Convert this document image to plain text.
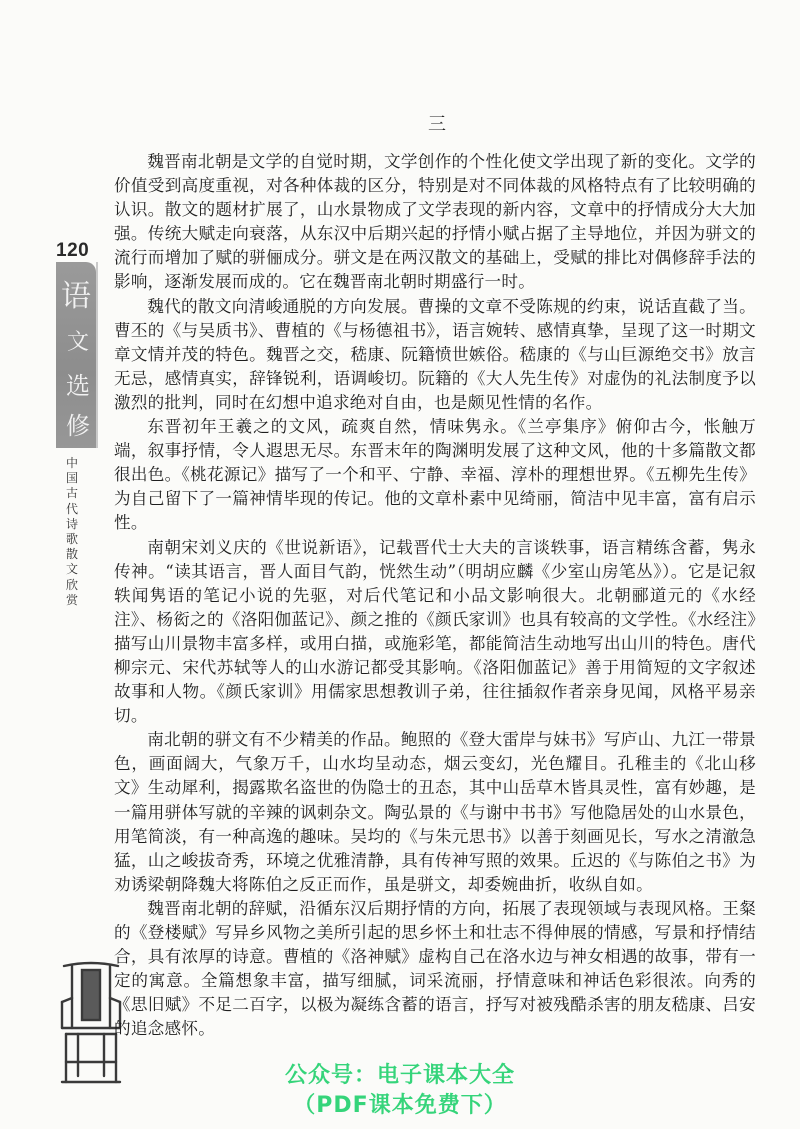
120
语
文
选
修
中国古代诗歌散文欣赏
三

魏晋南北朝是文学的自觉时期，文学创作的个性化使文学出现了新的变化。文学的价值受到高度重视，对各种体裁的区分，特别是对不同体裁的风格特点有了比较明确的认识。散文的题材扩展了，山水景物成了文学表现的新内容，文章中的抒情成分大大加强。传统大赋走向衰落，从东汉中后期兴起的抒情小赋占据了主导地位，并因为骈文的流行而增加了赋的骈俪成分。骈文是在两汉散文的基础上，受赋的排比对偶修辞手法的影响，逐渐发展而成的。它在魏晋南北朝时期盛行一时。

魏代的散文向清峻通脱的方向发展。曹操的文章不受陈规的约束，说话直截了当。曹丕的《与吴质书》、曹植的《与杨德祖书》，语言婉转、感情真挚，呈现了这一时期文章文情并茂的特色。魏晋之交，嵇康、阮籍愤世嫉俗。嵇康的《与山巨源绝交书》放言无忌，感情真实，辞锋锐利，语调峻切。阮籍的《大人先生传》对虚伪的礼法制度予以激烈的批判，同时在幻想中追求绝对自由，也是颇见性情的名作。

东晋初年王羲之的文风，疏爽自然，情味隽永。《兰亭集序》俯仰古今，怅触万端，叙事抒情，令人遐思无尽。东晋末年的陶渊明发展了这种文风，他的十多篇散文都很出色。《桃花源记》描写了一个和平、宁静、幸福、淳朴的理想世界。《五柳先生传》为自己留下了一篇神情毕现的传记。他的文章朴素中见绮丽，简洁中见丰富，富有启示性。

南朝宋刘义庆的《世说新语》，记载晋代士大夫的言谈轶事，语言精练含蓄，隽永传神。“读其语言，晋人面目气韵，恍然生动”（明胡应麟《少室山房笔丛》）。它是记叙轶闻隽语的笔记小说的先驱，对后代笔记和小品文影响很大。北朝郦道元的《水经注》、杨衒之的《洛阳伽蓝记》、颜之推的《颜氏家训》也具有较高的文学性。《水经注》描写山川景物丰富多样，或用白描，或施彩笔，都能简洁生动地写出山川的特色。唐代柳宗元、宋代苏轼等人的山水游记都受其影响。《洛阳伽蓝记》善于用简短的文字叙述故事和人物。《颜氏家训》用儒家思想教训子弟，往往插叙作者亲身见闻，风格平易亲切。

南北朝的骈文有不少精美的作品。鲍照的《登大雷岸与妹书》写庐山、九江一带景色，画面阔大，气象万千，山水均呈动态，烟云变幻，光色耀目。孔稚圭的《北山移文》生动犀利，揭露欺名盗世的伪隐士的丑态，其中山岳草木皆具灵性，富有妙趣，是一篇用骈体写就的辛辣的讽刺杂文。陶弘景的《与谢中书书》写他隐居处的山水景色，用笔简淡，有一种高逸的趣味。吴均的《与朱元思书》以善于刻画见长，写水之清澈急猛，山之峻拔奇秀，环境之优雅清静，具有传神写照的效果。丘迟的《与陈伯之书》为劝诱梁朝降魏大将陈伯之反正而作，虽是骈文，却委婉曲折，收纵自如。

魏晋南北朝的辞赋，沿循东汉后期抒情的方向，拓展了表现领域与表现风格。王粲的《登楼赋》写异乡风物之美所引起的思乡怀土和壮志不得伸展的情感，写景和抒情结合，具有浓厚的诗意。曹植的《洛神赋》虚构自己在洛水边与神女相遇的故事，带有一定的寓意。全篇想象丰富，描写细腻，词采流丽，抒情意味和神话色彩很浓。向秀的《思旧赋》不足二百字，以极为凝练含蓄的语言，抒写对被残酷杀害的朋友嵇康、吕安的追念感怀。

公众号：电子课本大全
（PDF课本免费下）
